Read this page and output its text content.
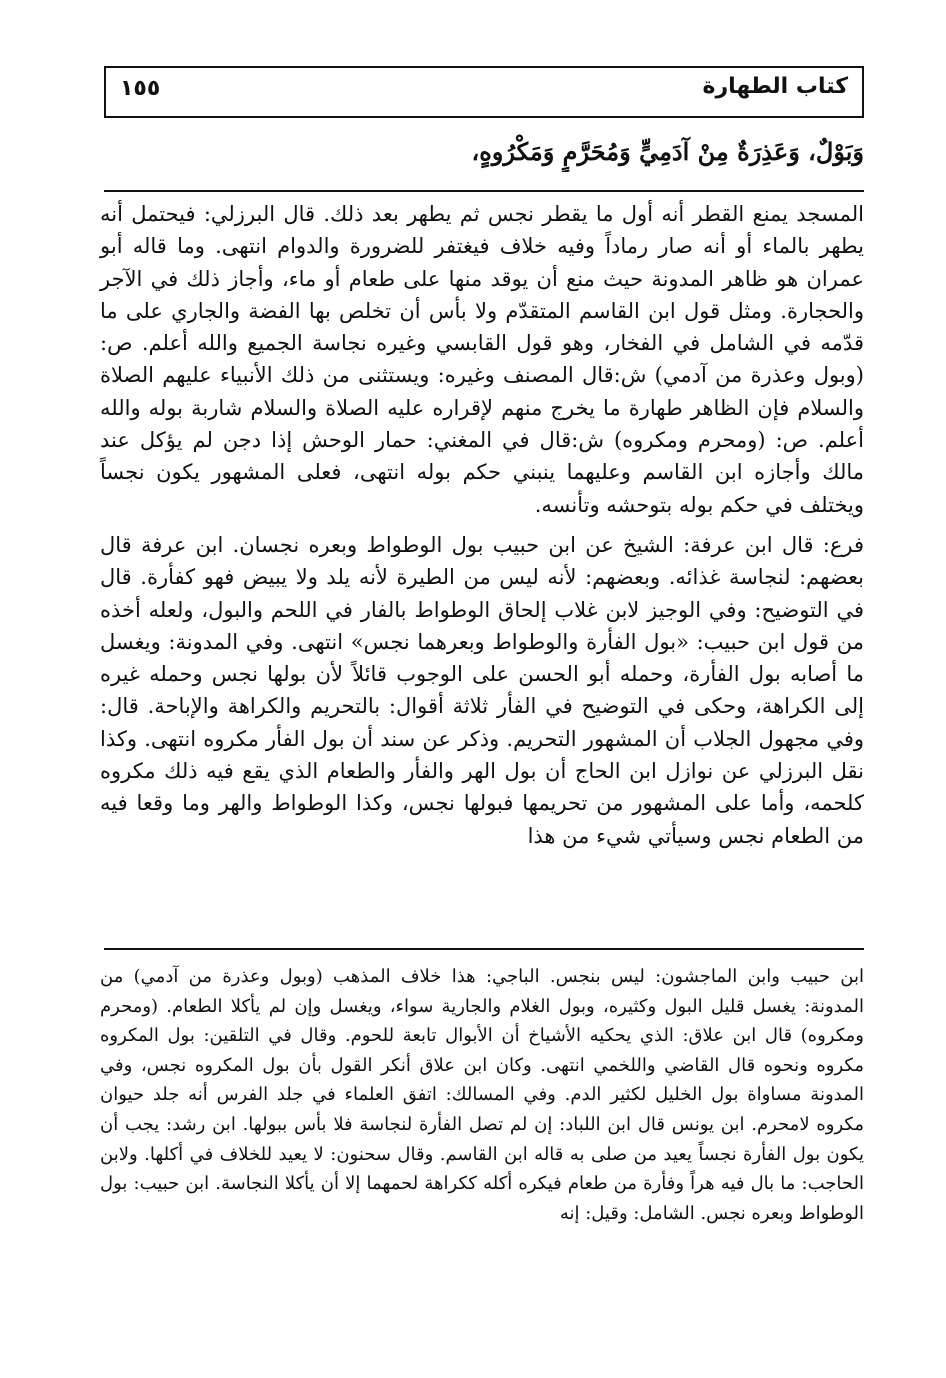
كتاب الطهارة
١٥٥
وَبَوْلٌ، وَعَذِرَةٌ مِنْ آدَمِيٍّ وَمُحَرَّمٍ وَمَكْرُوهٍ،

المسجد يمنع القطر أنه أول ما يقطر نجس ثم يطهر بعد ذلك. قال البرزلي: فيحتمل أنه يطهر بالماء أو أنه صار رماداً وفيه خلاف فيغتفر للضرورة والدوام انتهى. وما قاله أبو عمران هو ظاهر المدونة حيث منع أن يوقد منها على طعام أو ماء، وأجاز ذلك في الآجر والحجارة. ومثل قول ابن القاسم المتقدّم ولا بأس أن تخلص بها الفضة والجاري على ما قدّمه في الشامل في الفخار، وهو قول القابسي وغيره نجاسة الجميع والله أعلم. ص: (وبول وعذرة من آدمي) ش:قال المصنف وغيره: ويستثنى من ذلك الأنبياء عليهم الصلاة والسلام فإن الظاهر طهارة ما يخرج منهم لإقراره عليه الصلاة والسلام شاربة بوله والله أعلم. ص: (ومحرم ومكروه) ش:قال في المغني: حمار الوحش إذا دجن لم يؤكل عند مالك وأجازه ابن القاسم وعليهما ينبني حكم بوله انتهى، فعلى المشهور يكون نجساً ويختلف في حكم بوله بتوحشه وتأنسه.

فرع: قال ابن عرفة: الشيخ عن ابن حبيب بول الوطواط وبعره نجسان. ابن عرفة قال بعضهم: لنجاسة غذائه. وبعضهم: لأنه ليس من الطيرة لأنه يلد ولا يبيض فهو كفأرة. قال في التوضيح: وفي الوجيز لابن غلاب إلحاق الوطواط بالفار في اللحم والبول، ولعله أخذه من قول ابن حبيب: «بول الفأرة والوطواط وبعرهما نجس» انتهى. وفي المدونة: ويغسل ما أصابه بول الفأرة، وحمله أبو الحسن على الوجوب قائلاً لأن بولها نجس وحمله غيره إلى الكراهة، وحكى في التوضيح في الفأر ثلاثة أقوال: بالتحريم والكراهة والإباحة. قال: وفي مجهول الجلاب أن المشهور التحريم. وذكر عن سند أن بول الفأر مكروه انتهى. وكذا نقل البرزلي عن نوازل ابن الحاج أن بول الهر والفأر والطعام الذي يقع فيه ذلك مكروه كلحمه، وأما على المشهور من تحريمها فبولها نجس، وكذا الوطواط والهر وما وقعا فيه من الطعام نجس وسيأتي شيء من هذا

ابن حبيب وابن الماجشون: ليس بنجس. الباجي: هذا خلاف المذهب (وبول وعذرة من آدمي) من المدونة: يغسل قليل البول وكثيره، وبول الغلام والجارية سواء، ويغسل وإن لم يأكلا الطعام. (ومحرم ومكروه) قال ابن علاق: الذي يحكيه الأشياخ أن الأبوال تابعة للحوم. وقال في التلقين: بول المكروه مكروه ونحوه قال القاضي واللخمي انتهى. وكان ابن علاق أنكر القول بأن بول المكروه نجس، وفي المدونة مساواة بول الخليل لكثير الدم. وفي المسالك: اتفق العلماء في جلد الفرس أنه جلد حيوان مكروه لامحرم. ابن يونس قال ابن اللباد: إن لم تصل الفأرة لنجاسة فلا بأس ببولها. ابن رشد: يجب أن يكون بول الفأرة نجساً يعيد من صلى به قاله ابن القاسم. وقال سحنون: لا يعيد للخلاف في أكلها. ولابن الحاجب: ما بال فيه هراً وفأرة من طعام فيكره أكله ككراهة لحمهما إلا أن يأكلا النجاسة. ابن حبيب: بول الوطواط وبعره نجس. الشامل: وقيل: إنه
